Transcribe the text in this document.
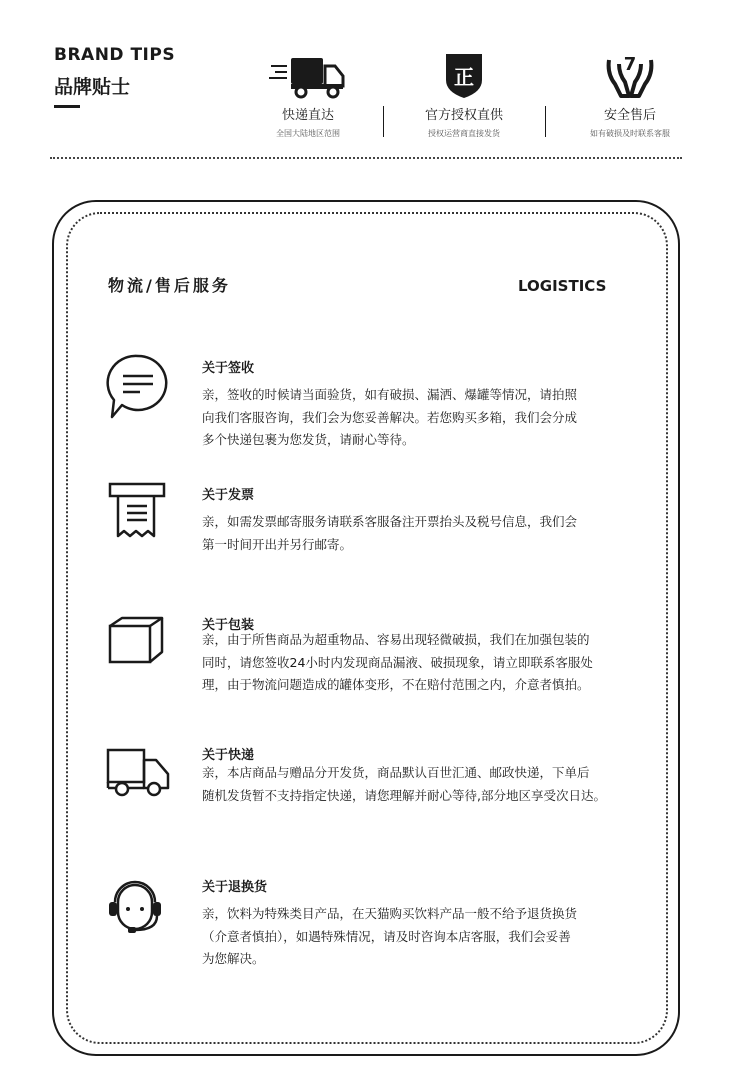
BRAND TIPS
品牌贴士
快递直达
全国大陆地区范围
正
官方授权直供
授权运营商直接发货
7
安全售后
如有破损及时联系客服
物流/售后服务	LOGISTICS
关于签收
亲，签收的时候请当面验货，如有破损、漏洒、爆罐等情况，请拍照
向我们客服咨询，我们会为您妥善解决。若您购买多箱，我们会分成
多个快递包裹为您发货，请耐心等待。
关于发票
亲，如需发票邮寄服务请联系客服备注开票抬头及税号信息，我们会
第一时间开出并另行邮寄。
关于包装
亲，由于所售商品为超重物品、容易出现轻微破损，我们在加强包装的
同时，请您签收24小时内发现商品漏液、破损现象，请立即联系客服处
理，由于物流问题造成的罐体变形，不在赔付范围之内，介意者慎拍。
关于快递
亲，本店商品与赠品分开发货，商品默认百世汇通、邮政快递，下单后
随机发货暂不支持指定快递，请您理解并耐心等待,部分地区享受次日达。
关于退换货
亲，饮料为特殊类目产品，在天猫购买饮料产品一般不给予退货换货
（介意者慎拍），如遇特殊情况，请及时咨询本店客服，我们会妥善
为您解决。
